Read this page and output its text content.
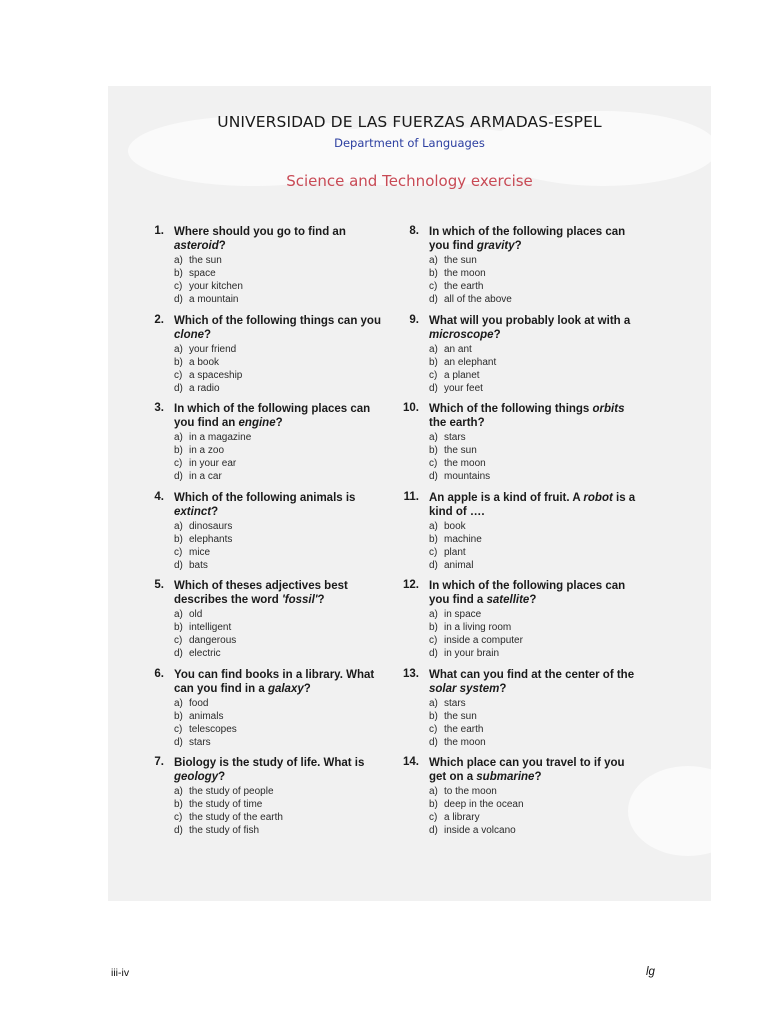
UNIVERSIDAD DE LAS FUERZAS ARMADAS-ESPEL
Department of Languages
Science and Technology exercise
1. Where should you go to find an asteroid?
a) the sun
b) space
c) your kitchen
d) a mountain
2. Which of the following things can you clone?
a) your friend
b) a book
c) a spaceship
d) a radio
3. In which of the following places can you find an engine?
a) in a magazine
b) in a zoo
c) in your ear
d) in a car
4. Which of the following animals is extinct?
a) dinosaurs
b) elephants
c) mice
d) bats
5. Which of theses adjectives best describes the word 'fossil'?
a) old
b) intelligent
c) dangerous
d) electric
6. You can find books in a library. What can you find in a galaxy?
a) food
b) animals
c) telescopes
d) stars
7. Biology is the study of life. What is geology?
a) the study of people
b) the study of time
c) the study of the earth
d) the study of fish
8. In which of the following places can you find gravity?
a) the sun
b) the moon
c) the earth
d) all of the above
9. What will you probably look at with a microscope?
a) an ant
b) an elephant
c) a planet
d) your feet
10. Which of the following things orbits the earth?
a) stars
b) the sun
c) the moon
d) mountains
11. An apple is a kind of fruit. A robot is a kind of ….
a) book
b) machine
c) plant
d) animal
12. In which of the following places can you find a satellite?
a) in space
b) in a living room
c) inside a computer
d) in your brain
13. What can you find at the center of the solar system?
a) stars
b) the sun
c) the earth
d) the moon
14. Which place can you travel to if you get on a submarine?
a) to the moon
b) deep in the ocean
c) a library
d) inside a volcano
iii-iv	lg
